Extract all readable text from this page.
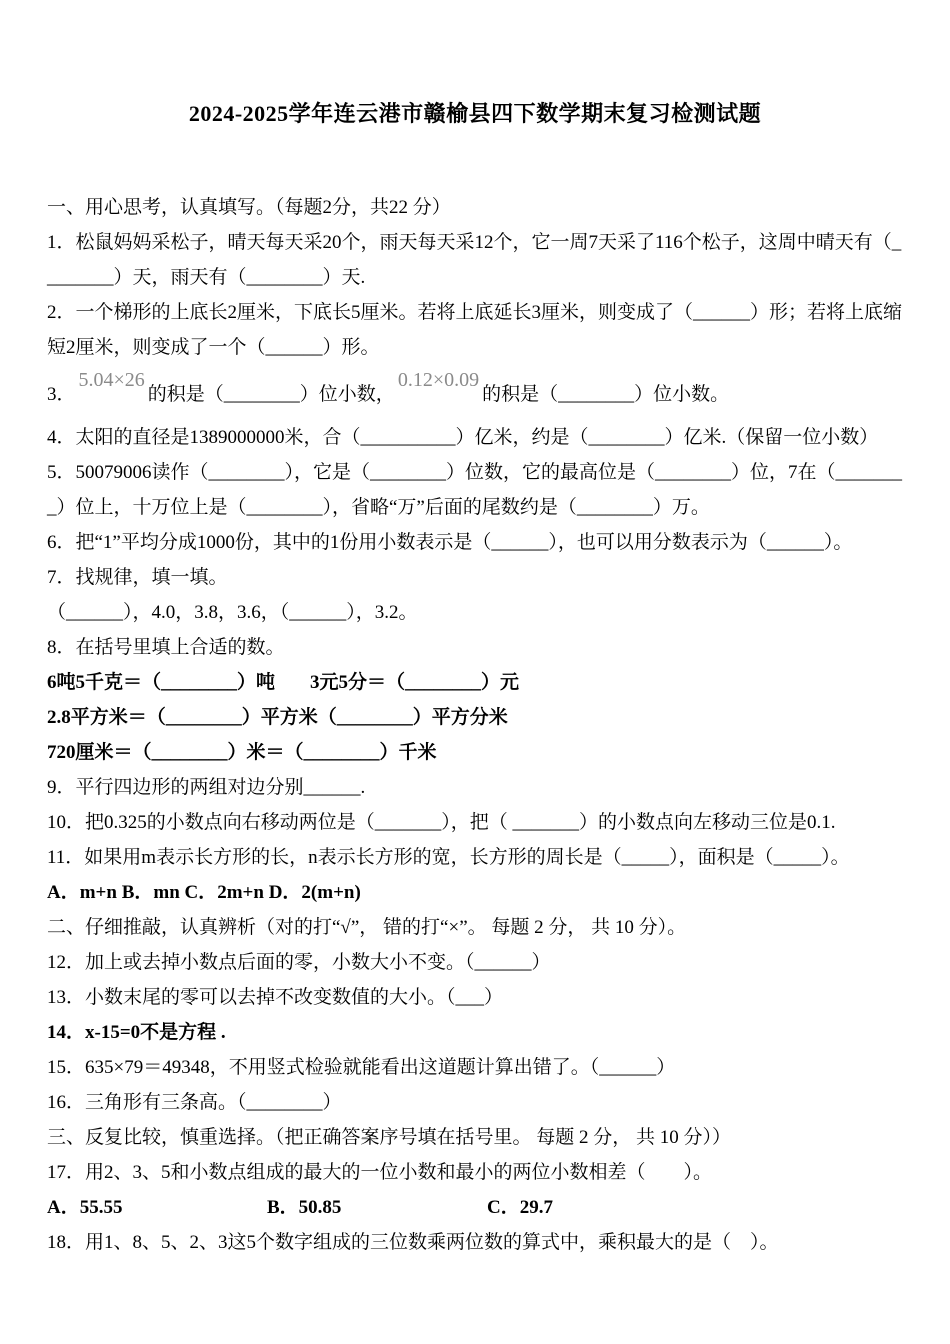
2024-2025学年连云港市赣榆县四下数学期末复习检测试题

一、用心思考，认真填写。（每题2分，共22 分）

1．松鼠妈妈采松子，晴天每天采20个，雨天每天采12个，它一周7天采了116个松子，这周中晴天有（________）天，雨天有（________）天.

2．一个梯形的上底长2厘米，下底长5厘米。若将上底延长3厘米，则变成了（______）形；若将上底缩短2厘米，则变成了一个（______）形。

3．5.04×26的积是（________）位小数，0.12×0.09的积是（________）位小数。

4．太阳的直径是1389000000米，合（__________）亿米，约是（________）亿米.（保留一位小数）

5．50079006读作（________），它是（________）位数，它的最高位是（________）位，7在（________）位上，十万位上是（________），省略“万”后面的尾数约是（________）万。

6．把“1”平均分成1000份，其中的1份用小数表示是（______），也可以用分数表示为（______）。

7．找规律，填一填。

（______），4.0，3.8，3.6，（______），3.2。

8．在括号里填上合适的数。

6吨5千克＝（________）吨 3元5分＝（________）元

2.8平方米＝（________）平方米（________）平方分米

720厘米＝（________）米＝（________）千米

9．平行四边形的两组对边分别______.

10．把0.325的小数点向右移动两位是（_______），把（ _______）的小数点向左移动三位是0.1.

11．如果用m表示长方形的长，n表示长方形的宽，长方形的周长是（_____），面积是（_____）。

A．m+n B．mn C．2m+n D．2(m+n)

二、仔细推敲，认真辨析（对的打“√”， 错的打“×”。 每题 2 分， 共 10 分）。

12．加上或去掉小数点后面的零，小数大小不变。（______）

13．小数末尾的零可以去掉不改变数值的大小。（___）

14．x-15=0不是方程 .

15．635×79＝49348，不用竖式检验就能看出这道题计算出错了。（______）

16．三角形有三条高。（________）

三、反复比较，慎重选择。（把正确答案序号填在括号里。 每题 2 分， 共 10 分））

17．用2、3、5和小数点组成的最大的一位小数和最小的两位小数相差（　　）。

A．55.55	B．50.85	C．29.7

18．用1、8、5、2、3这5个数字组成的三位数乘两位数的算式中，乘积最大的是（　）。
